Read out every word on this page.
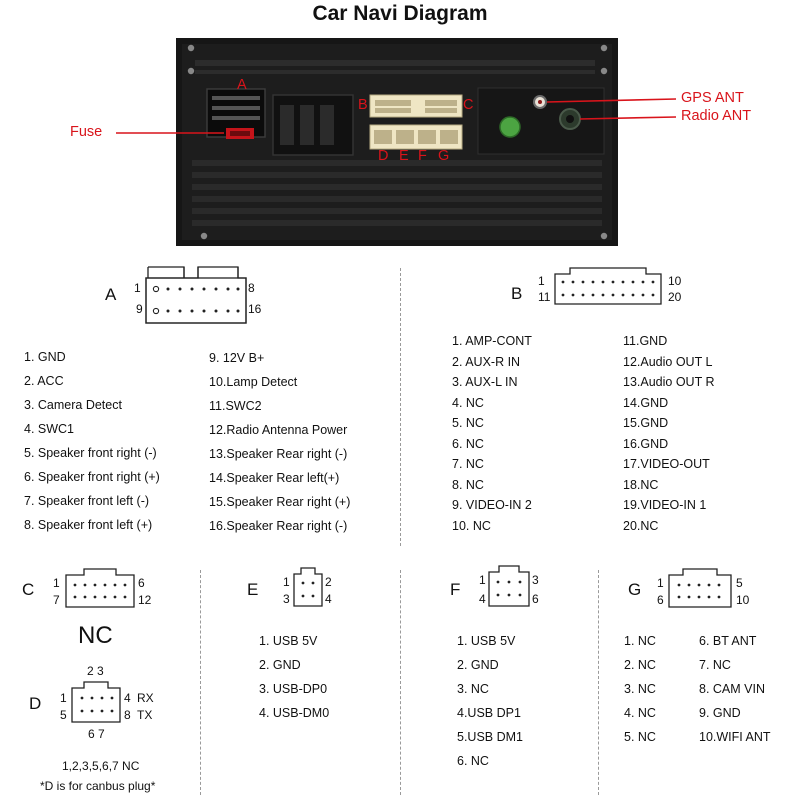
Car Navi Diagram
Fuse
GPS ANT
Radio ANT
A
B	C
D E F G
A 1	8
9	16
1. GND
2. ACC
3. Camera Detect
4. SWC1
5. Speaker front right (-)
6. Speaker front right (+)
7. Speaker front left (-)
8. Speaker front left (+)
9. 12V B+
10.Lamp Detect
11.SWC2
12.Radio Antenna Power
13.Speaker Rear right (-)
14.Speaker Rear left(+)
15.Speaker Rear right (+)
16.Speaker Rear right (-)
B
1	10
11	20
1. AMP-CONT
2. AUX-R IN
3. AUX-L IN
4. NC
5. NC
6. NC
7. NC
8. NC
9. VIDEO-IN 2
10. NC
11.GND
12.Audio OUT L
13.Audio OUT R
14.GND
15.GND
16.GND
17.VIDEO-OUT
18.NC
19.VIDEO-IN 1
20.NC
C 1	6
7	12
NC
2 3
D 1	4
5	8
RX
TX
6 7
1,2,3,5,6,7 NC
*D is for canbus plug*
E 1	2
3	4
1. USB 5V
2. GND
3. USB-DP0
4. USB-DM0
F 1	3
4	6
1. USB 5V
2. GND
3. NC
4.USB DP1
5.USB DM1
6. NC
G 1	5
6	10
1. NC
2. NC
3. NC
4. NC
5. NC
6. BT ANT
7. NC
8. CAM VIN
9. GND
10.WIFI ANT
